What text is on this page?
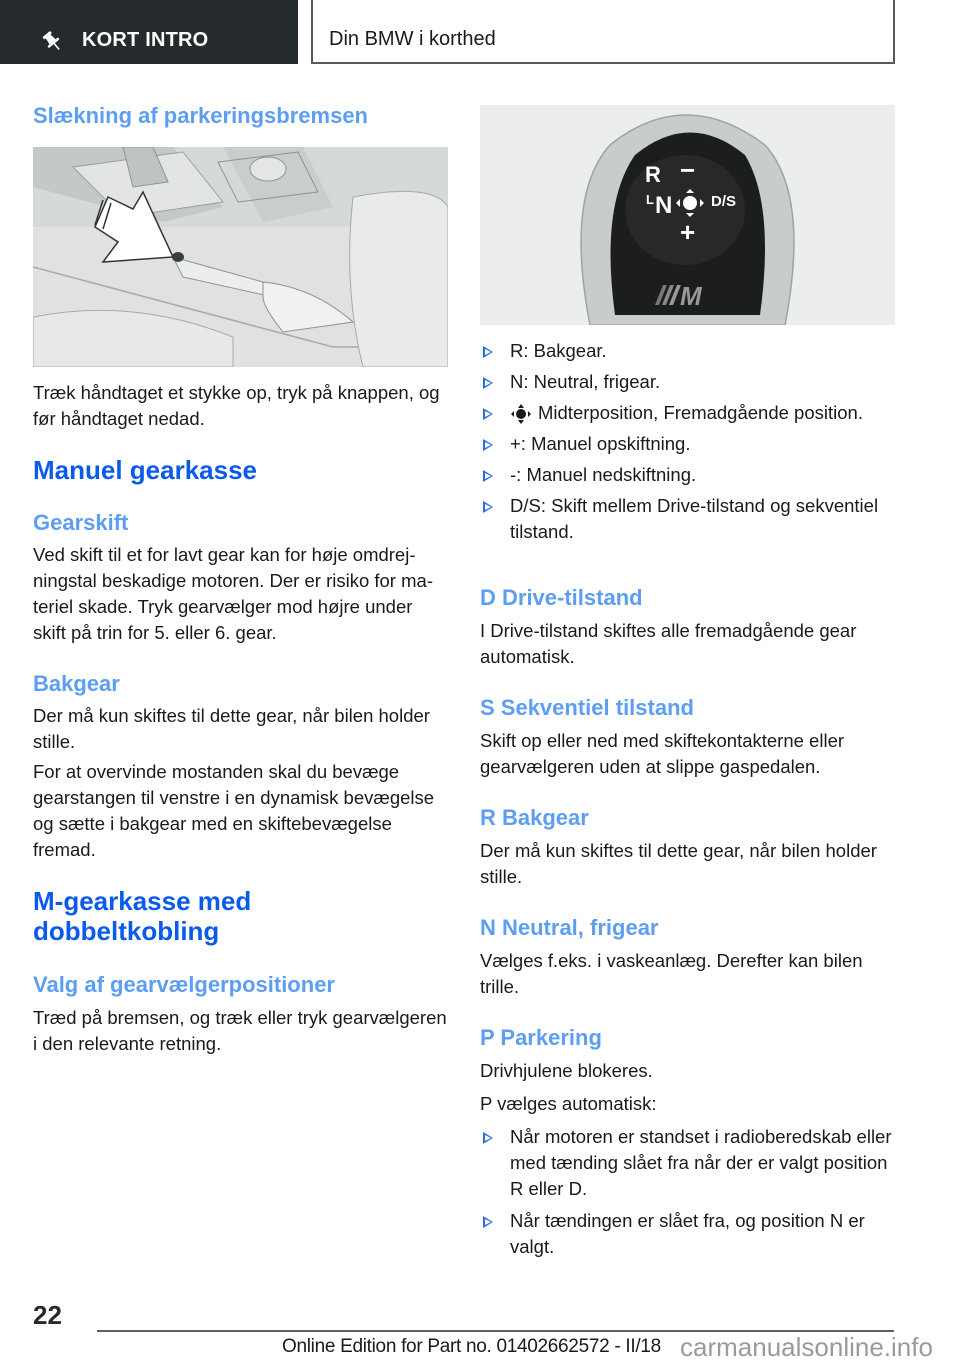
KORT INTRO	Din BMW i korthed
Slækning af parkeringsbremsen

Træk håndtaget et stykke op, tryk på knappen, og før håndtaget nedad.

Manuel gearkasse
Gearskift

Ved skift til et for lavt gear kan for høje omdrejningstal beskadige motoren. Der er risiko for materiel skade. Tryk gearvælger mod højre under skift på trin for 5. eller 6. gear.

Bakgear

Der må kun skiftes til dette gear, når bilen holder stille.

For at overvinde mostanden skal du bevæge gearstangen til venstre i en dynamisk bevægelse og sætte i bakgear med en skiftebevægelse fremad.

M-gearkasse med dobbeltkobling
Valg af gearvælgerpositioner

Træd på bremsen, og træk eller tryk gearvælgeren i den relevante retning.

R −
L N	D/S
+
M
R: Bakgear.
N: Neutral, frigear.
Midterposition, Fremadgående position.
+: Manuel opskiftning.
-: Manuel nedskiftning.
D/S: Skift mellem Drive-tilstand og sekventiel tilstand.
D Drive-tilstand

I Drive-tilstand skiftes alle fremadgående gear automatisk.

S Sekventiel tilstand

Skift op eller ned med skiftekontakterne eller gearvælgeren uden at slippe gaspedalen.

R Bakgear

Der må kun skiftes til dette gear, når bilen holder stille.

N Neutral, frigear

Vælges f.eks. i vaskeanlæg. Derefter kan bilen trille.

P Parkering

Drivhjulene blokeres.

P vælges automatisk:

Når motoren er standset i radioberedskab eller med tænding slået fra når der er valgt position R eller D.
Når tændingen er slået fra, og position N er valgt.
22
Online Edition for Part no. 01402662572 - II/18 carmanualsonline.info
